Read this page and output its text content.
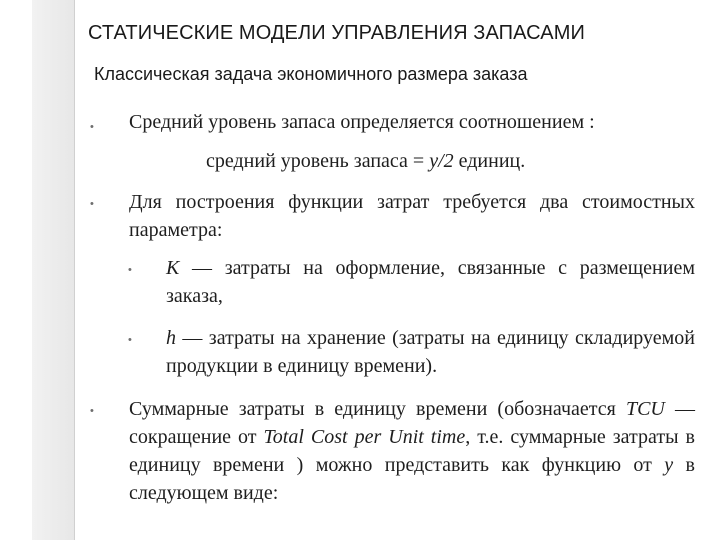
СТАТИЧЕСКИЕ МОДЕЛИ УПРАВЛЕНИЯ ЗАПАСАМИ
Классическая задача экономичного размера заказа
• Средний уровень запаса определяется соотношением :
средний уровень запаса = y/2 единиц.
• Для построения функции затрат требуется два стоимостных параметра:
• K — затраты на оформление, связанные с размещением заказа,
• h — затраты на хранение (затраты на единицу складируемой продукции в единицу времени).
• Суммарные затраты в единицу времени (обозначается TCU — сокращение от Total Cost per Unit time, т.е. суммарные затраты в единицу времени ) можно представить как функцию от y в следующем виде:
